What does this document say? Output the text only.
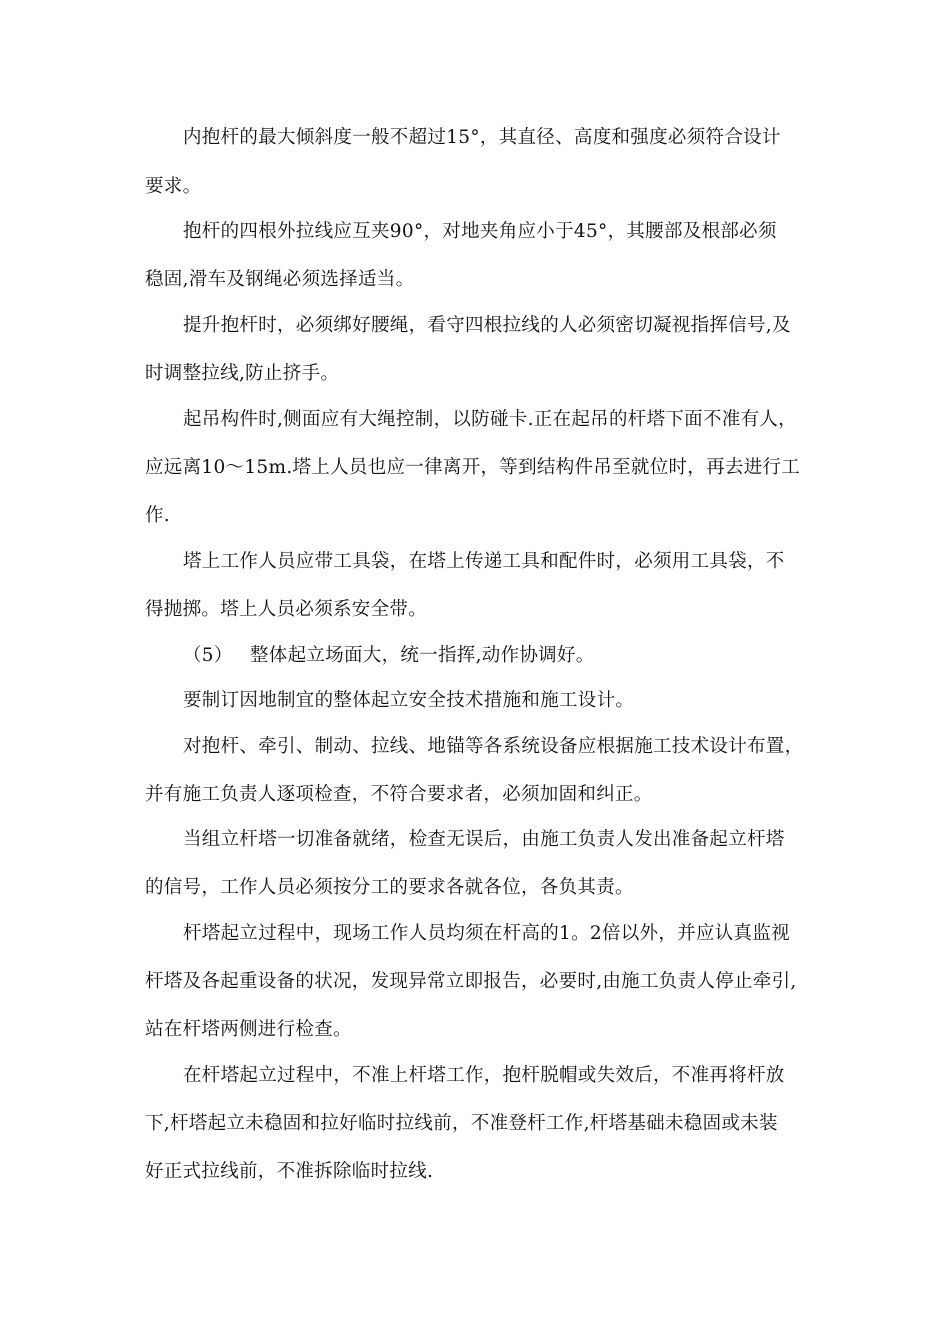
内抱杆的最大倾斜度一般不超过15°，其直径、高度和强度必须符合设计
要求。
抱杆的四根外拉线应互夹90°，对地夹角应小于45°，其腰部及根部必须
稳固,滑车及钢绳必须选择适当。
提升抱杆时，必须绑好腰绳，看守四根拉线的人必须密切凝视指挥信号,及
时调整拉线,防止挤手。
起吊构件时,侧面应有大绳控制，以防碰卡.正在起吊的杆塔下面不准有人，
应远离10～15m.塔上人员也应一律离开，等到结构件吊至就位时，再去进行工
作.
塔上工作人员应带工具袋，在塔上传递工具和配件时，必须用工具袋，不
得抛掷。塔上人员必须系安全带。
（5） 整体起立场面大，统一指挥,动作协调好。
要制订因地制宜的整体起立安全技术措施和施工设计。
对抱杆、牵引、制动、拉线、地锚等各系统设备应根据施工技术设计布置，
并有施工负责人逐项检查，不符合要求者，必须加固和纠正。
当组立杆塔一切准备就绪，检查无误后，由施工负责人发出准备起立杆塔
的信号，工作人员必须按分工的要求各就各位，各负其责。
杆塔起立过程中，现场工作人员均须在杆高的1。2倍以外，并应认真监视
杆塔及各起重设备的状况，发现异常立即报告，必要时,由施工负责人停止牵引,
站在杆塔两侧进行检查。
在杆塔起立过程中，不准上杆塔工作，抱杆脱帽或失效后，不准再将杆放
下,杆塔起立未稳固和拉好临时拉线前，不准登杆工作,杆塔基础未稳固或未装
好正式拉线前，不准拆除临时拉线.
